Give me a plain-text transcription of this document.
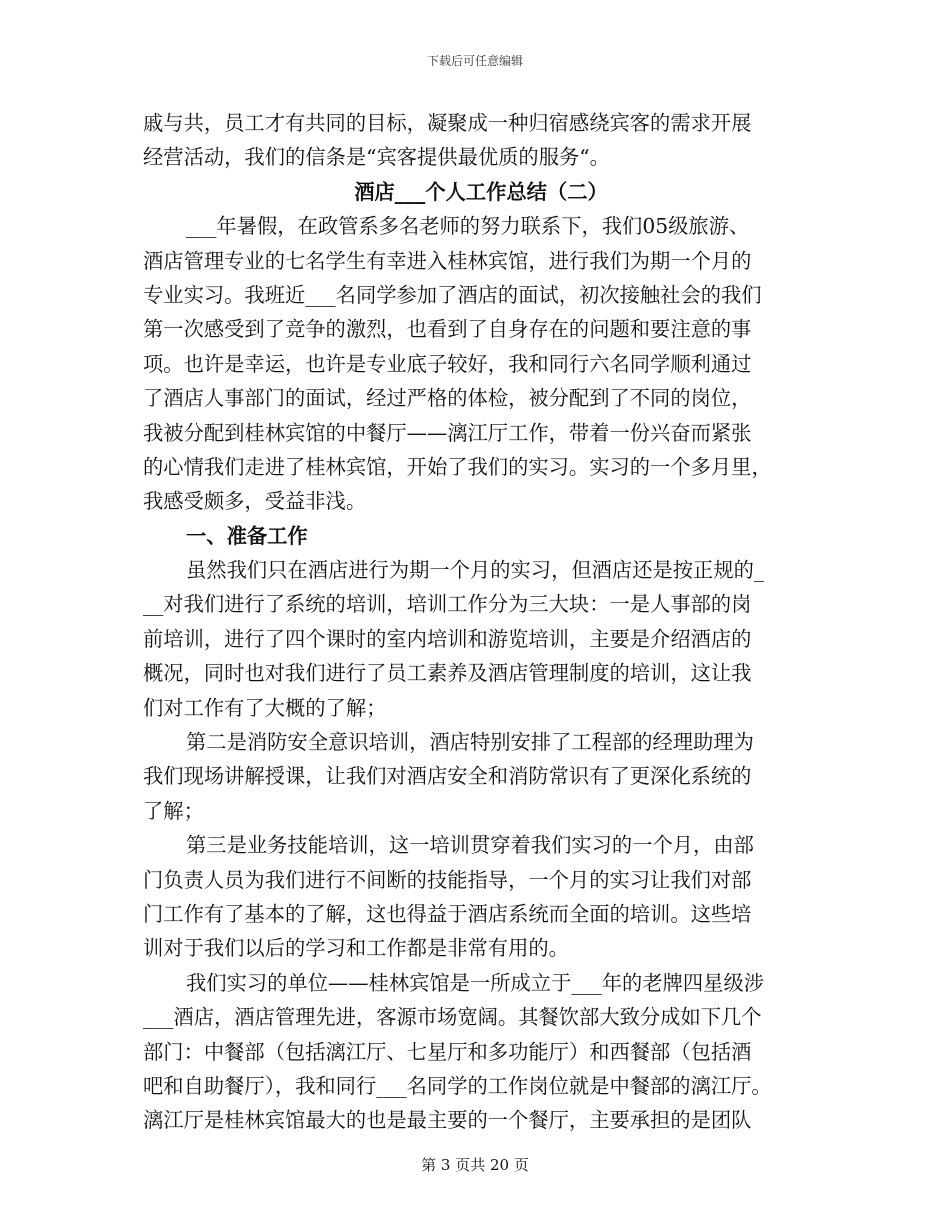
下载后可任意编辑
戚与共，员工才有共同的目标，凝聚成一种归宿感绕宾客的需求开展
经营活动，我们的信条是“宾客提供最优质的服务“。
酒店___个人工作总结（二）
___年暑假，在政管系多名老师的努力联系下，我们05级旅游、
酒店管理专业的七名学生有幸进入桂林宾馆，进行我们为期一个月的
专业实习。我班近___名同学参加了酒店的面试，初次接触社会的我们
第一次感受到了竞争的激烈，也看到了自身存在的问题和要注意的事
项。也许是幸运，也许是专业底子较好，我和同行六名同学顺利通过
了酒店人事部门的面试，经过严格的体检，被分配到了不同的岗位，
我被分配到桂林宾馆的中餐厅——漓江厅工作，带着一份兴奋而紧张
的心情我们走进了桂林宾馆，开始了我们的实习。实习的一个多月里，
我感受颇多，受益非浅。
一、准备工作
虽然我们只在酒店进行为期一个月的实习，但酒店还是按正规的_
__对我们进行了系统的培训，培训工作分为三大块：一是人事部的岗
前培训，进行了四个课时的室内培训和游览培训，主要是介绍酒店的
概况，同时也对我们进行了员工素养及酒店管理制度的培训，这让我
们对工作有了大概的了解；
第二是消防安全意识培训，酒店特别安排了工程部的经理助理为
我们现场讲解授课，让我们对酒店安全和消防常识有了更深化系统的
了解；
第三是业务技能培训，这一培训贯穿着我们实习的一个月，由部
门负责人员为我们进行不间断的技能指导，一个月的实习让我们对部
门工作有了基本的了解，这也得益于酒店系统而全面的培训。这些培
训对于我们以后的学习和工作都是非常有用的。
我们实习的单位——桂林宾馆是一所成立于___年的老牌四星级涉
___酒店，酒店管理先进，客源市场宽阔。其餐饮部大致分成如下几个
部门：中餐部（包括漓江厅、七星厅和多功能厅）和西餐部（包括酒
吧和自助餐厅），我和同行___名同学的工作岗位就是中餐部的漓江厅。
漓江厅是桂林宾馆最大的也是最主要的一个餐厅，主要承担的是团队
第 3 页共 20 页
